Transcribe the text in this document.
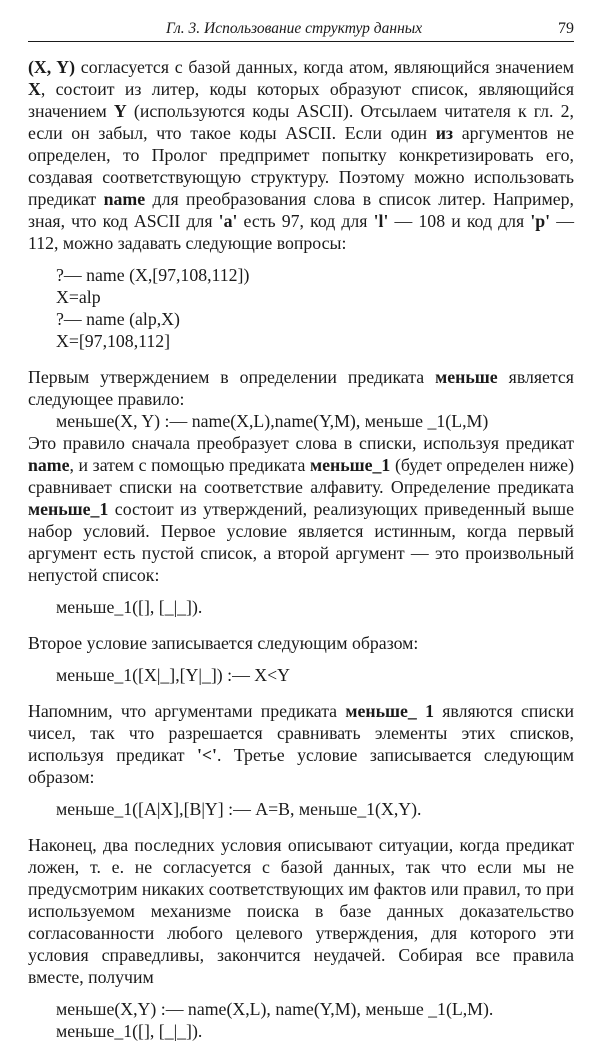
Гл. 3. Использование структур данных	79

(X, Y) согласуется с базой данных, когда атом, являющийся значением X, состоит из литер, коды которых образуют список, являющийся значением Y (используются коды ASCII). Отсылаем читателя к гл. 2, если он забыл, что такое коды ASCII. Если один из аргументов не определен, то Пролог предпримет попытку конкретизировать его, создавая соответствующую структуру. Поэтому можно использовать предикат name для преобразования слова в список литер. Например, зная, что код ASCII для 'a' есть 97, код для 'l' — 108 и код для 'p' — 112, можно задавать следующие вопросы:

?— name (X,[97,108,112])
X=alp
?— name (alp,X)
X=[97,108,112]

Первым утверждением в определении предиката меньше является следующее правило:

меньше(X, Y) :— name(X,L),name(Y,M), меньше _1(L,M)

Это правило сначала преобразует слова в списки, используя предикат name, и затем с помощью предиката меньше_1 (будет определен ниже) сравнивает списки на соответствие алфавиту. Определение предиката меньше_1 состоит из утверждений, реализующих приведенный выше набор условий. Первое условие является истинным, когда первый аргумент есть пустой список, а второй аргумент — это произвольный непустой список:

меньше_1([], [_|_]).

Второе условие записывается следующим образом:

меньше_1([X|_],[Y|_]) :— X<Y

Напомним, что аргументами предиката меньше_ 1 являются списки чисел, так что разрешается сравнивать элементы этих списков, используя предикат '<'. Третье условие записывается следующим образом:

меньше_1([A|X],[B|Y] :— A=B, меньше_1(X,Y).

Наконец, два последних условия описывают ситуации, когда предикат ложен, т. е. не согласуется с базой данных, так что если мы не предусмотрим никаких соответствующих им фактов или правил, то при используемом механизме поиска в базе данных доказательство согласованности любого целевого утверждения, для которого эти условия справедливы, закончится неудачей. Собирая все правила вместе, получим

меньше(X,Y) :— name(X,L), name(Y,M), меньше _1(L,M).
меньше_1([], [_|_]).
